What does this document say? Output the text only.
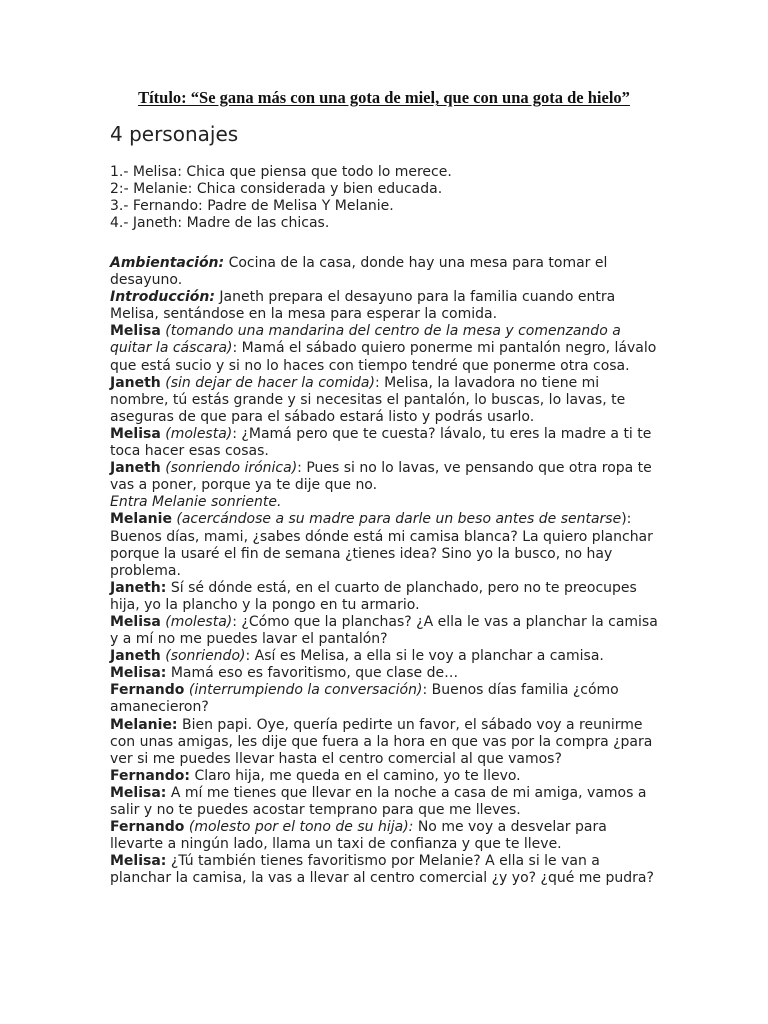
Título: “Se gana más con una gota de miel, que con una gota de hielo”
4 personajes

1.- Melisa: Chica que piensa que todo lo merece.

2:- Melanie: Chica considerada y bien educada.

3.- Fernando: Padre de Melisa Y Melanie.

4.- Janeth: Madre de las chicas.

Ambientación: Cocina de la casa, donde hay una mesa para tomar el desayuno.

Introducción: Janeth prepara el desayuno para la familia cuando entra Melisa, sentándose en la mesa para esperar la comida.

Melisa (tomando una mandarina del centro de la mesa y comenzando a quitar la cáscara): Mamá el sábado quiero ponerme mi pantalón negro, lávalo que está sucio y si no lo haces con tiempo tendré que ponerme otra cosa.

Janeth (sin dejar de hacer la comida): Melisa, la lavadora no tiene mi nombre, tú estás grande y si necesitas el pantalón, lo buscas, lo lavas, te aseguras de que para el sábado estará listo y podrás usarlo.

Melisa (molesta): ¿Mamá pero que te cuesta? lávalo, tu eres la madre a ti te toca hacer esas cosas.

Janeth (sonriendo irónica): Pues si no lo lavas, ve pensando que otra ropa te vas a poner, porque ya te dije que no.

Entra Melanie sonriente.

Melanie (acercándose a su madre para darle un beso antes de sentarse): Buenos días, mami, ¿sabes dónde está mi camisa blanca? La quiero planchar porque la usaré el fin de semana ¿tienes idea? Sino yo la busco, no hay problema.

Janeth: Sí sé dónde está, en el cuarto de planchado, pero no te preocupes hija, yo la plancho y la pongo en tu armario.

Melisa (molesta): ¿Cómo que la planchas? ¿A ella le vas a planchar la camisa y a mí no me puedes lavar el pantalón?

Janeth (sonriendo): Así es Melisa, a ella si le voy a planchar a camisa.

Melisa: Mamá eso es favoritismo, que clase de…

Fernando (interrumpiendo la conversación): Buenos días familia ¿cómo amanecieron?

Melanie: Bien papi. Oye, quería pedirte un favor, el sábado voy a reunirme con unas amigas, les dije que fuera a la hora en que vas por la compra ¿para ver si me puedes llevar hasta el centro comercial al que vamos?

Fernando: Claro hija, me queda en el camino, yo te llevo.

Melisa: A mí me tienes que llevar en la noche a casa de mi amiga, vamos a salir y no te puedes acostar temprano para que me lleves.

Fernando (molesto por el tono de su hija): No me voy a desvelar para llevarte a ningún lado, llama un taxi de confianza y que te lleve.

Melisa: ¿Tú también tienes favoritismo por Melanie? A ella si le van a planchar la camisa, la vas a llevar al centro comercial ¿y yo? ¿qué me pudra?
